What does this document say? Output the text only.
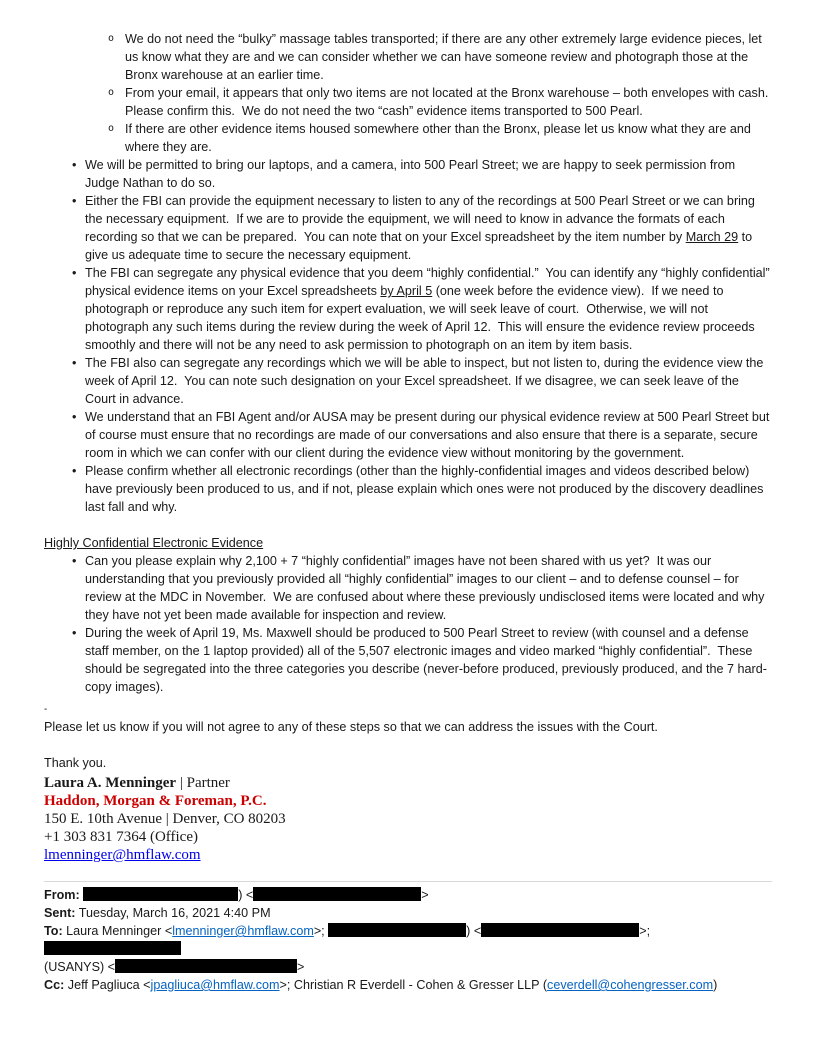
o We do not need the “bulky” massage tables transported; if there are any other extremely large evidence pieces, let us know what they are and we can consider whether we can have someone review and photograph those at the Bronx warehouse at an earlier time.
o From your email, it appears that only two items are not located at the Bronx warehouse – both envelopes with cash. Please confirm this.  We do not need the two “cash” evidence items transported to 500 Pearl.
o If there are other evidence items housed somewhere other than the Bronx, please let us know what they are and where they are.
• We will be permitted to bring our laptops, and a camera, into 500 Pearl Street; we are happy to seek permission from Judge Nathan to do so.
• Either the FBI can provide the equipment necessary to listen to any of the recordings at 500 Pearl Street or we can bring the necessary equipment.  If we are to provide the equipment, we will need to know in advance the formats of each recording so that we can be prepared.  You can note that on your Excel spreadsheet by the item number by March 29 to give us adequate time to secure the necessary equipment.
• The FBI can segregate any physical evidence that you deem “highly confidential.”  You can identify any “highly confidential” physical evidence items on your Excel spreadsheets by April 5 (one week before the evidence view).  If we need to photograph or reproduce any such item for expert evaluation, we will seek leave of court.  Otherwise, we will not photograph any such items during the review during the week of April 12.  This will ensure the evidence review proceeds smoothly and there will not be any need to ask permission to photograph on an item by item basis.
• The FBI also can segregate any recordings which we will be able to inspect, but not listen to, during the evidence view the week of April 12.  You can note such designation on your Excel spreadsheet. If we disagree, we can seek leave of the Court in advance.
• We understand that an FBI Agent and/or AUSA may be present during our physical evidence review at 500 Pearl Street but of course must ensure that no recordings are made of our conversations and also ensure that there is a separate, secure room in which we can confer with our client during the evidence view without monitoring by the government.
• Please confirm whether all electronic recordings (other than the highly-confidential images and videos described below) have previously been produced to us, and if not, please explain which ones were not produced by the discovery deadlines last fall and why.
Highly Confidential Electronic Evidence
• Can you please explain why 2,100 + 7 “highly confidential” images have not been shared with us yet?  It was our understanding that you previously provided all “highly confidential” images to our client – and to defense counsel – for review at the MDC in November.  We are confused about where these previously undisclosed items were located and why they have not yet been made available for inspection and review.
• During the week of April 19, Ms. Maxwell should be produced to 500 Pearl Street to review (with counsel and a defense staff member, on the 1 laptop provided) all of the 5,507 electronic images and video marked “highly confidential”.  These should be segregated into the three categories you describe (never-before produced, previously produced, and the 7 hard-copy images).
-
Please let us know if you will not agree to any of these steps so that we can address the issues with the Court.
Thank you.
Laura A. Menninger | Partner
Haddon, Morgan & Foreman, P.C.
150 E. 10th Avenue | Denver, CO 80203
+1 303 831 7364 (Office)
lmenninger@hmflaw.com
From:	) <	>
Sent: Tuesday, March 16, 2021 4:40 PM
To: Laura Menninger <lmenninger@hmflaw.com>;	) <	>;
(USANYS) <	>
Cc: Jeff Pagliuca <jpagliuca@hmflaw.com>; Christian R Everdell - Cohen & Gresser LLP (ceverdell@cohengresser.com)
